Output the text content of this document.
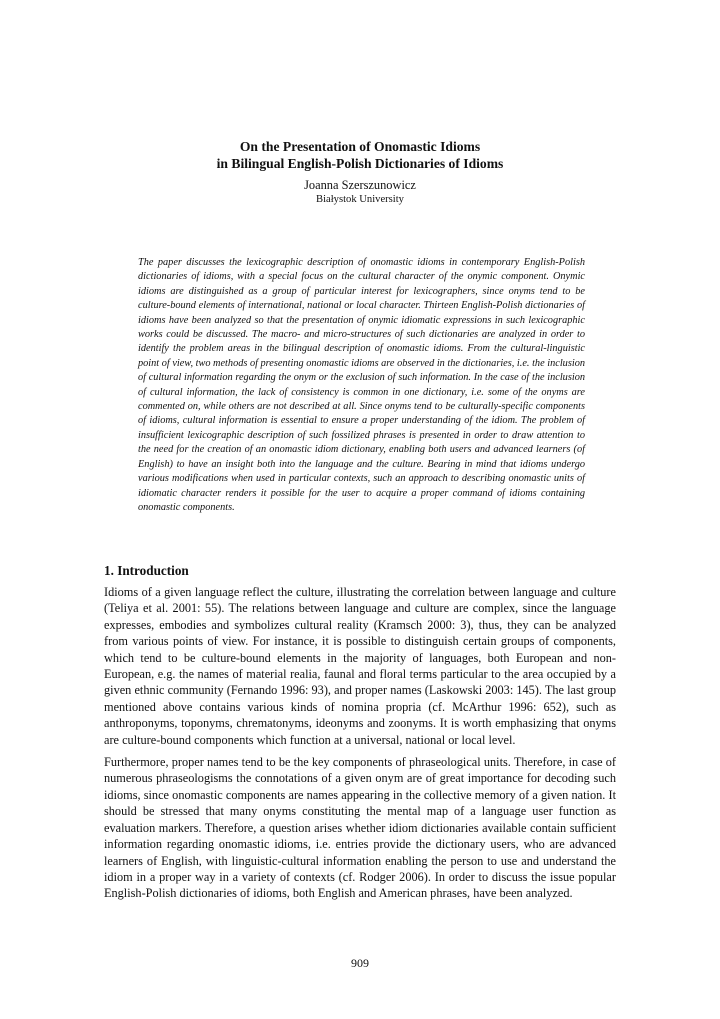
On the Presentation of Onomastic Idioms
in Bilingual English-Polish Dictionaries of Idioms
Joanna Szerszunowicz
Białystok University
The paper discusses the lexicographic description of onomastic idioms in contemporary English-Polish dictionaries of idioms, with a special focus on the cultural character of the onymic component. Onymic idioms are distinguished as a group of particular interest for lexicographers, since onyms tend to be culture-bound elements of international, national or local character. Thirteen English-Polish dictionaries of idioms have been analyzed so that the presentation of onymic idiomatic expressions in such lexicographic works could be discussed. The macro- and micro-structures of such dictionaries are analyzed in order to identify the problem areas in the bilingual description of onomastic idioms. From the cultural-linguistic point of view, two methods of presenting onomastic idioms are observed in the dictionaries, i.e. the inclusion of cultural information regarding the onym or the exclusion of such information. In the case of the inclusion of cultural information, the lack of consistency is common in one dictionary, i.e. some of the onyms are commented on, while others are not described at all. Since onyms tend to be culturally-specific components of idioms, cultural information is essential to ensure a proper understanding of the idiom. The problem of insufficient lexicographic description of such fossilized phrases is presented in order to draw attention to the need for the creation of an onomastic idiom dictionary, enabling both users and advanced learners (of English) to have an insight both into the language and the culture. Bearing in mind that idioms undergo various modifications when used in particular contexts, such an approach to describing onomastic units of idiomatic character renders it possible for the user to acquire a proper command of idioms containing onomastic components.
1. Introduction

Idioms of a given language reflect the culture, illustrating the correlation between language and culture (Teliya et al. 2001: 55). The relations between language and culture are complex, since the language expresses, embodies and symbolizes cultural reality (Kramsch 2000: 3), thus, they can be analyzed from various points of view. For instance, it is possible to distinguish certain groups of components, which tend to be culture-bound elements in the majority of languages, both European and non-European, e.g. the names of material realia, faunal and floral terms particular to the area occupied by a given ethnic community (Fernando 1996: 93), and proper names (Laskowski 2003: 145). The last group mentioned above contains various kinds of nomina propria (cf. McArthur 1996: 652), such as anthroponyms, toponyms, chrematonyms, ideonyms and zoonyms. It is worth emphasizing that onyms are culture-bound components which function at a universal, national or local level.

Furthermore, proper names tend to be the key components of phraseological units. Therefore, in case of numerous phraseologisms the connotations of a given onym are of great importance for decoding such idioms, since onomastic components are names appearing in the collective memory of a given nation. It should be stressed that many onyms constituting the mental map of a language user function as evaluation markers. Therefore, a question arises whether idiom dictionaries available contain sufficient information regarding onomastic idioms, i.e. entries provide the dictionary users, who are advanced learners of English, with linguistic-cultural information enabling the person to use and understand the idiom in a proper way in a variety of contexts (cf. Rodger 2006). In order to discuss the issue popular English-Polish dictionaries of idioms, both English and American phrases, have been analyzed.

909
